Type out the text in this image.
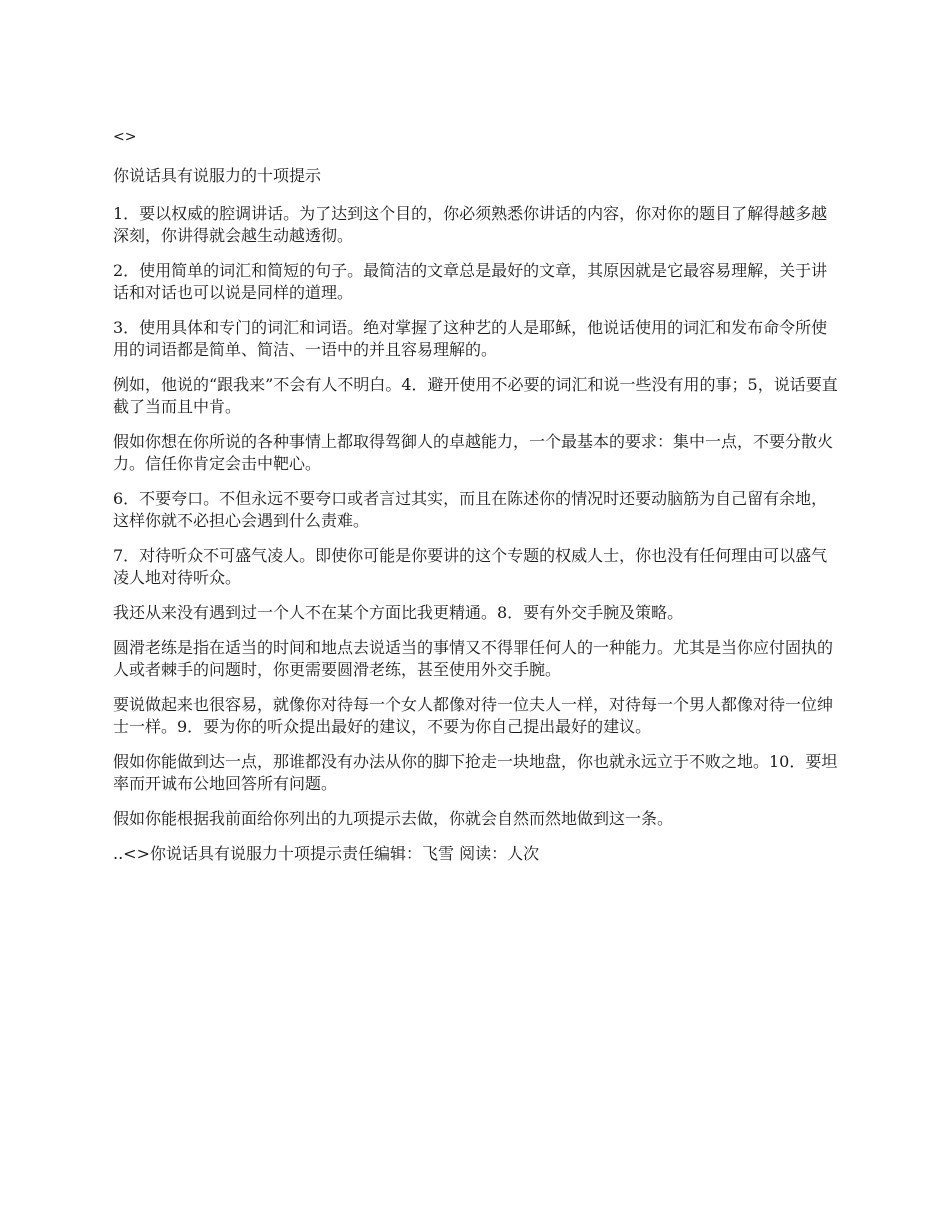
<>
你说话具有说服力的十项提示

1．要以权威的腔调讲话。为了达到这个目的，你必须熟悉你讲话的内容，你对你的题目了解得越多越深刻，你讲得就会越生动越透彻。

2．使用简单的词汇和简短的句子。最简洁的文章总是最好的文章，其原因就是它最容易理解，关于讲话和对话也可以说是同样的道理。

3．使用具体和专门的词汇和词语。绝对掌握了这种艺的人是耶稣，他说话使用的词汇和发布命令所使用的词语都是简单、简洁、一语中的并且容易理解的。

例如，他说的“跟我来”不会有人不明白。4．避开使用不必要的词汇和说一些没有用的事；5，说话要直截了当而且中肯。

假如你想在你所说的各种事情上都取得驾御人的卓越能力，一个最基本的要求：集中一点，不要分散火力。信任你肯定会击中靶心。

6．不要夸口。不但永远不要夸口或者言过其实，而且在陈述你的情况时还要动脑筋为自己留有余地，这样你就不必担心会遇到什么责难。

7．对待听众不可盛气凌人。即使你可能是你要讲的这个专题的权威人士，你也没有任何理由可以盛气凌人地对待听众。

我还从来没有遇到过一个人不在某个方面比我更精通。8．要有外交手腕及策略。

圆滑老练是指在适当的时间和地点去说适当的事情又不得罪任何人的一种能力。尤其是当你应付固执的人或者棘手的问题时，你更需要圆滑老练，甚至使用外交手腕。

要说做起来也很容易，就像你对待每一个女人都像对待一位夫人一样，对待每一个男人都像对待一位绅士一样。9．要为你的听众提出最好的建议，不要为你自己提出最好的建议。

假如你能做到达一点，那谁都没有办法从你的脚下抢走一块地盘，你也就永远立于不败之地。10．要坦率而开诚布公地回答所有问题。

假如你能根据我前面给你列出的九项提示去做，你就会自然而然地做到这一条。

..<>你说话具有说服力十项提示责任编辑：飞雪 阅读：人次
